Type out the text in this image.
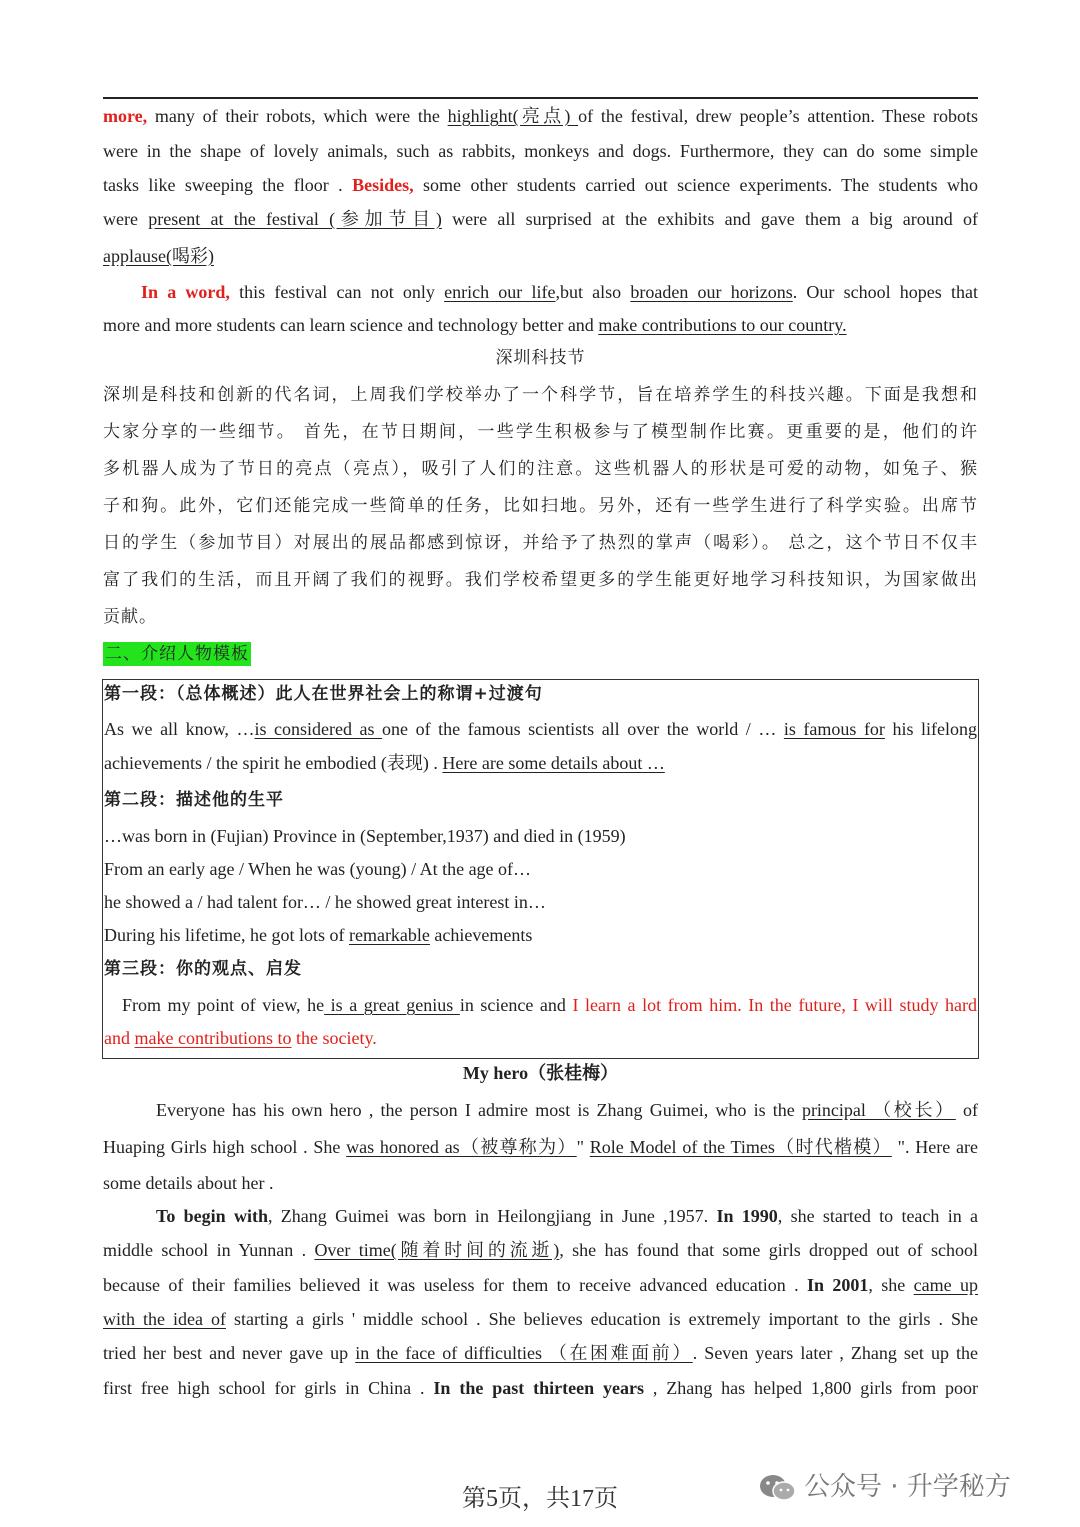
more, many of their robots, which were the highlight(亮点) of the festival, drew people’s attention. These robots
were in the shape of lovely animals, such as rabbits, monkeys and dogs. Furthermore, they can do some simple
tasks like sweeping the floor . Besides, some other students carried out science experiments. The students who
were present at the festival (参加节目) were all surprised at the exhibits and gave them a big around of
applause(喝彩)
In a word, this festival can not only enrich our life,but also broaden our horizons. Our school hopes that
more and more students can learn science and technology better and make contributions to our country.
深圳科技节
深圳是科技和创新的代名词，上周我们学校举办了一个科学节，旨在培养学生的科技兴趣。下面是我想和
大家分享的一些细节。 首先，在节日期间，一些学生积极参与了模型制作比赛。更重要的是，他们的许
多机器人成为了节日的亮点（亮点），吸引了人们的注意。这些机器人的形状是可爱的动物，如兔子、猴
子和狗。此外，它们还能完成一些简单的任务，比如扫地。另外，还有一些学生进行了科学实验。出席节
日的学生（参加节目）对展出的展品都感到惊讶，并给予了热烈的掌声（喝彩）。 总之，这个节日不仅丰
富了我们的生活，而且开阔了我们的视野。我们学校希望更多的学生能更好地学习科技知识，为国家做出
贡献。
二、介绍人物模板
第一段：（总体概述）此人在世界社会上的称谓+过渡句
As we all know, …is considered as one of the famous scientists all over the world / … is famous for his lifelong
achievements / the spirit he embodied (表现) . Here are some details about …
第二段：描述他的生平
…was born in (Fujian) Province in (September,1937) and died in (1959)
From an early age / When he was (young) / At the age of…
he showed a / had talent for… / he showed great interest in…
During his lifetime, he got lots of remarkable achievements
第三段：你的观点、启发
From my point of view, he is a great genius in science and I learn a lot from him. In the future, I will study hard
and make contributions to the society.
My hero（张桂梅）
Everyone has his own hero , the person I admire most is Zhang Guimei, who is the principal （校长） of
Huaping Girls high school . She was honored as（被尊称为）" Role Model of the Times（时代楷模） ". Here are
some details about her .
To begin with, Zhang Guimei was born in Heilongjiang in June ,1957. In 1990, she started to teach in a
middle school in Yunnan . Over time(随着时间的流逝), she has found that some girls dropped out of school
because of their families believed it was useless for them to receive advanced education . In 2001, she came up
with the idea of starting a girls ' middle school . She believes education is extremely important to the girls . She
tried her best and never gave up in the face of difficulties （在困难面前）. Seven years later , Zhang set up the
first free high school for girls in China . In the past thirteen years , Zhang has helped 1,800 girls from poor
第5页，共17页	公众号 · 升学秘方
